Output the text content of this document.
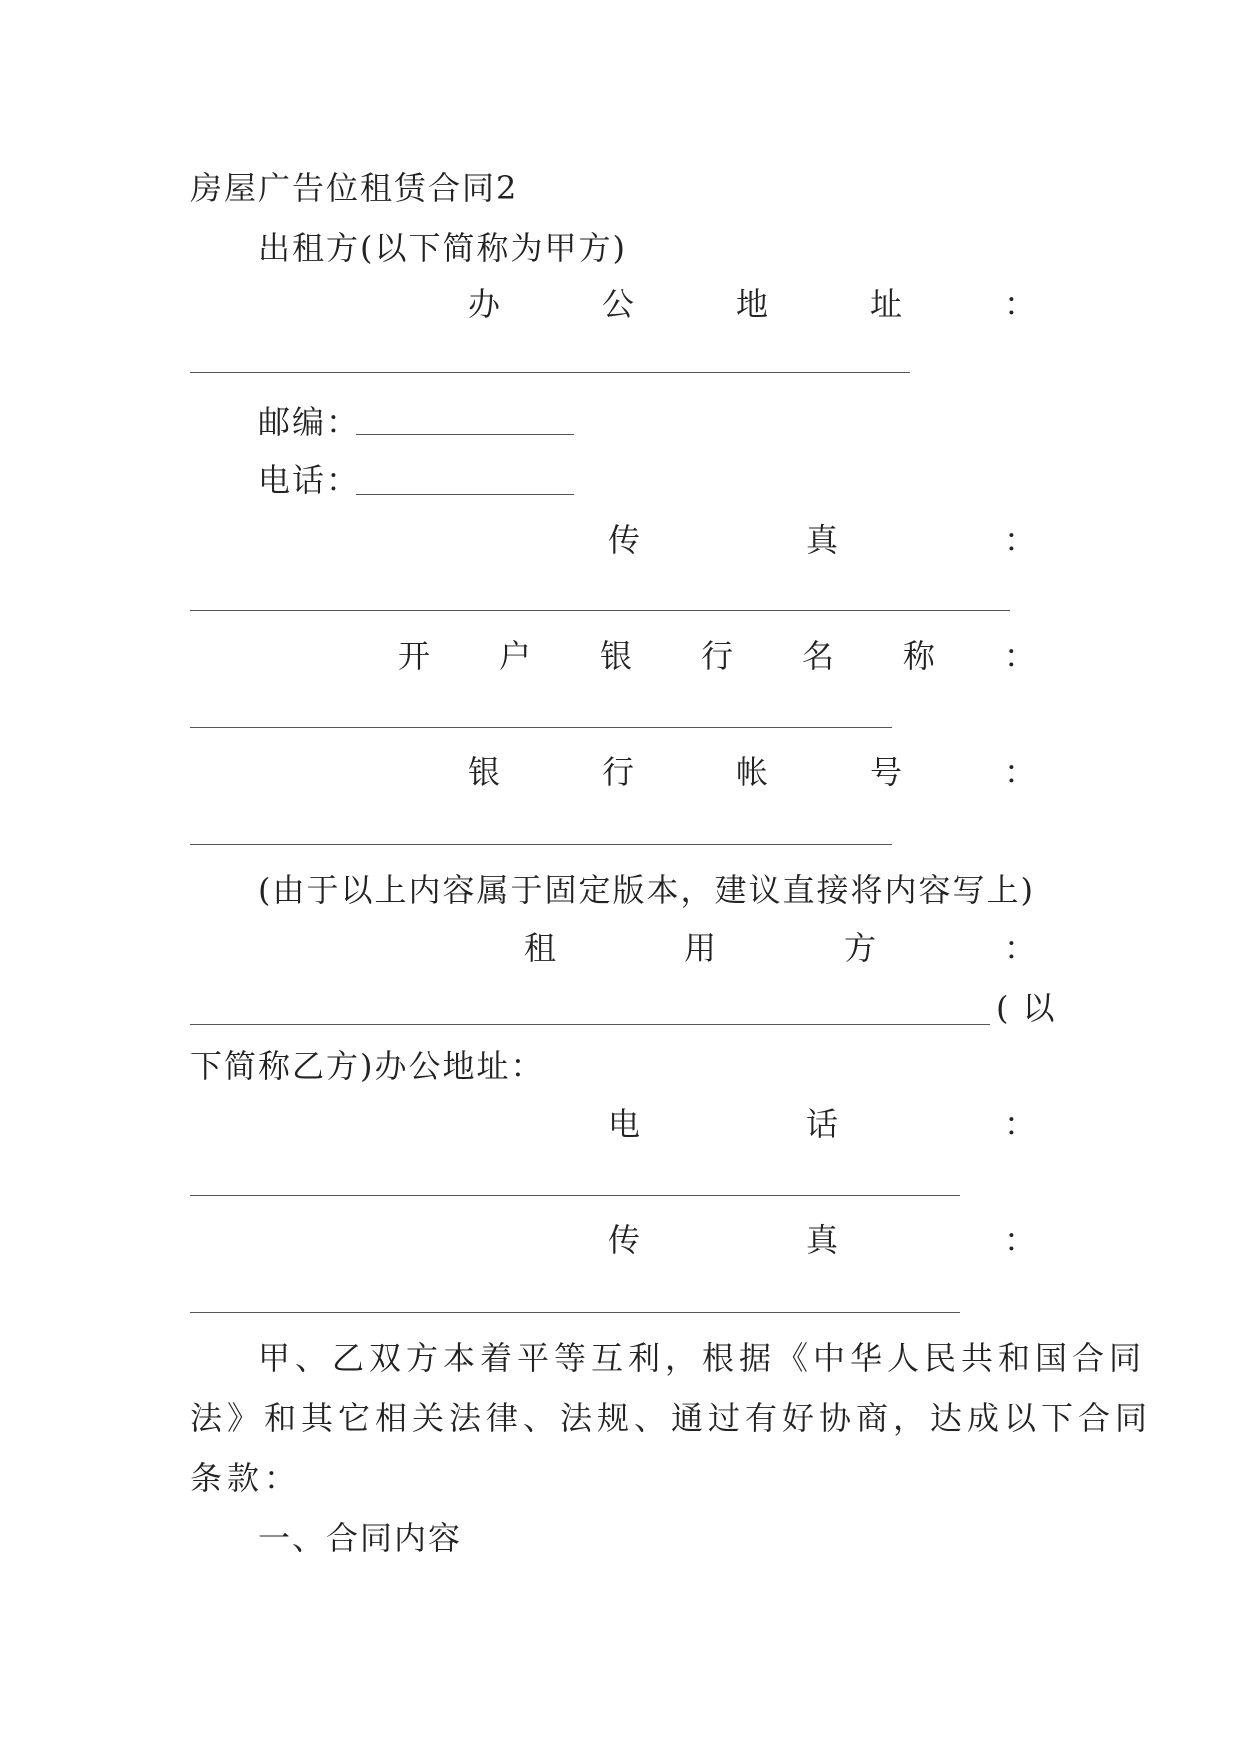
房屋广告位租赁合同2
出租方(以下简称为甲方)
办	公	地	址	：
邮编：
电话：
传	真	：
开 户 银 行 名 称 ：
银	行	帐	号	：
(由于以上内容属于固定版本，建议直接将内容写上)
租	用	方	：
(以
下简称乙方)办公地址：
电	话	：
传	真	：
甲、乙双方本着平等互利，根据《中华人民共和国合同
法》和其它相关法律、法规、通过有好协商，达成以下合同
条款：
一、合同内容
